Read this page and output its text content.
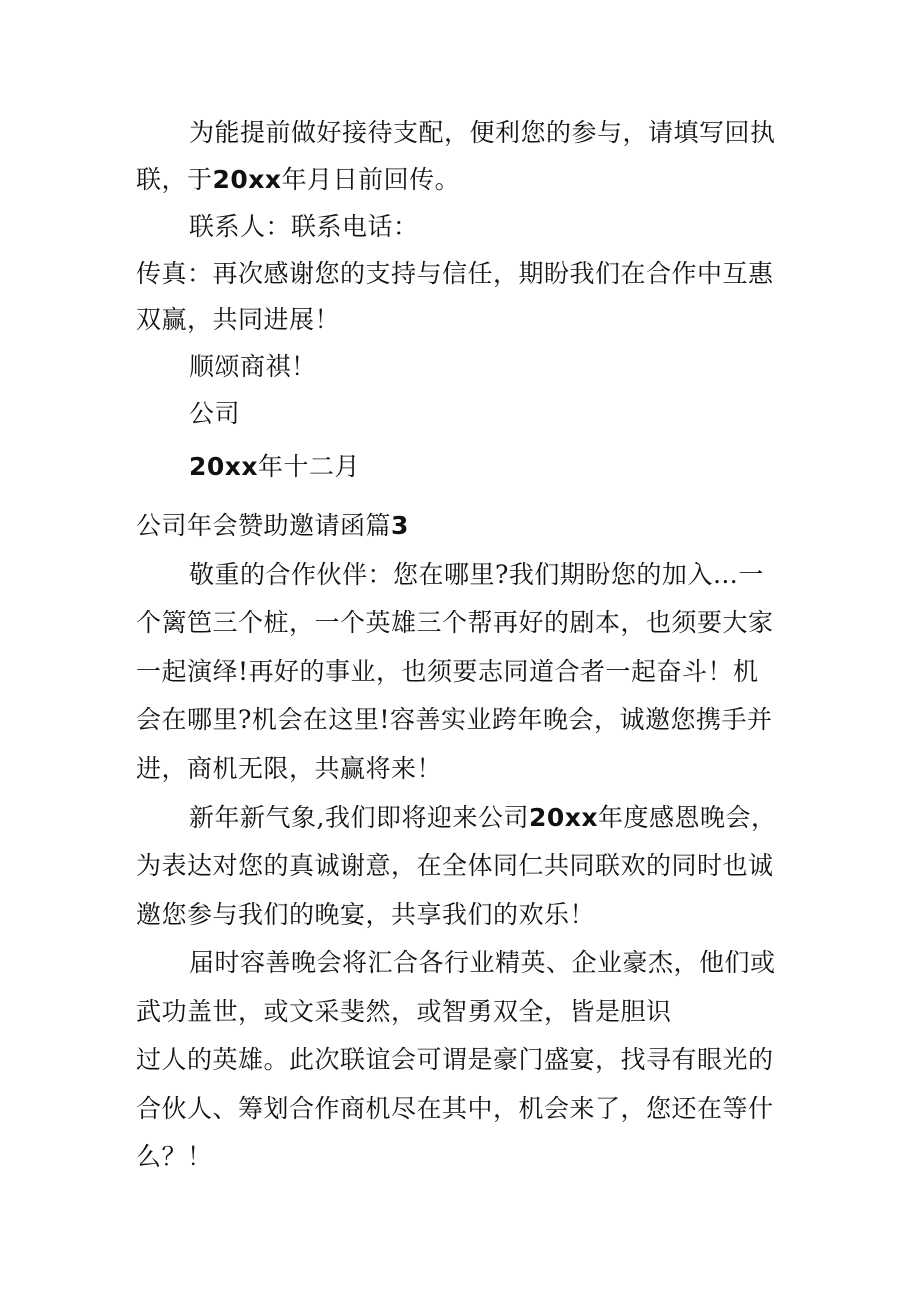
为能提前做好接待支配，便利您的参与，请填写回执
联，于20xx年月日前回传。
联系人：联系电话：
传真：再次感谢您的支持与信任，期盼我们在合作中互惠
双赢，共同进展！
顺颂商祺！
公司
20xx年十二月
公司年会赞助邀请函篇3
敬重的合作伙伴：您在哪里?我们期盼您的加入…一
个篱笆三个桩，一个英雄三个帮再好的剧本，也须要大家
一起演绎!再好的事业，也须要志同道合者一起奋斗！机
会在哪里?机会在这里!容善实业跨年晚会，诚邀您携手并
进，商机无限，共赢将来！
新年新气象,我们即将迎来公司20xx年度感恩晚会，
为表达对您的真诚谢意，在全体同仁共同联欢的同时也诚
邀您参与我们的晚宴，共享我们的欢乐！
届时容善晚会将汇合各行业精英、企业豪杰，他们或
武功盖世，或文采斐然，或智勇双全，皆是胆识
过人的英雄。此次联谊会可谓是豪门盛宴，找寻有眼光的
合伙人、筹划合作商机尽在其中，机会来了，您还在等什
么？！
